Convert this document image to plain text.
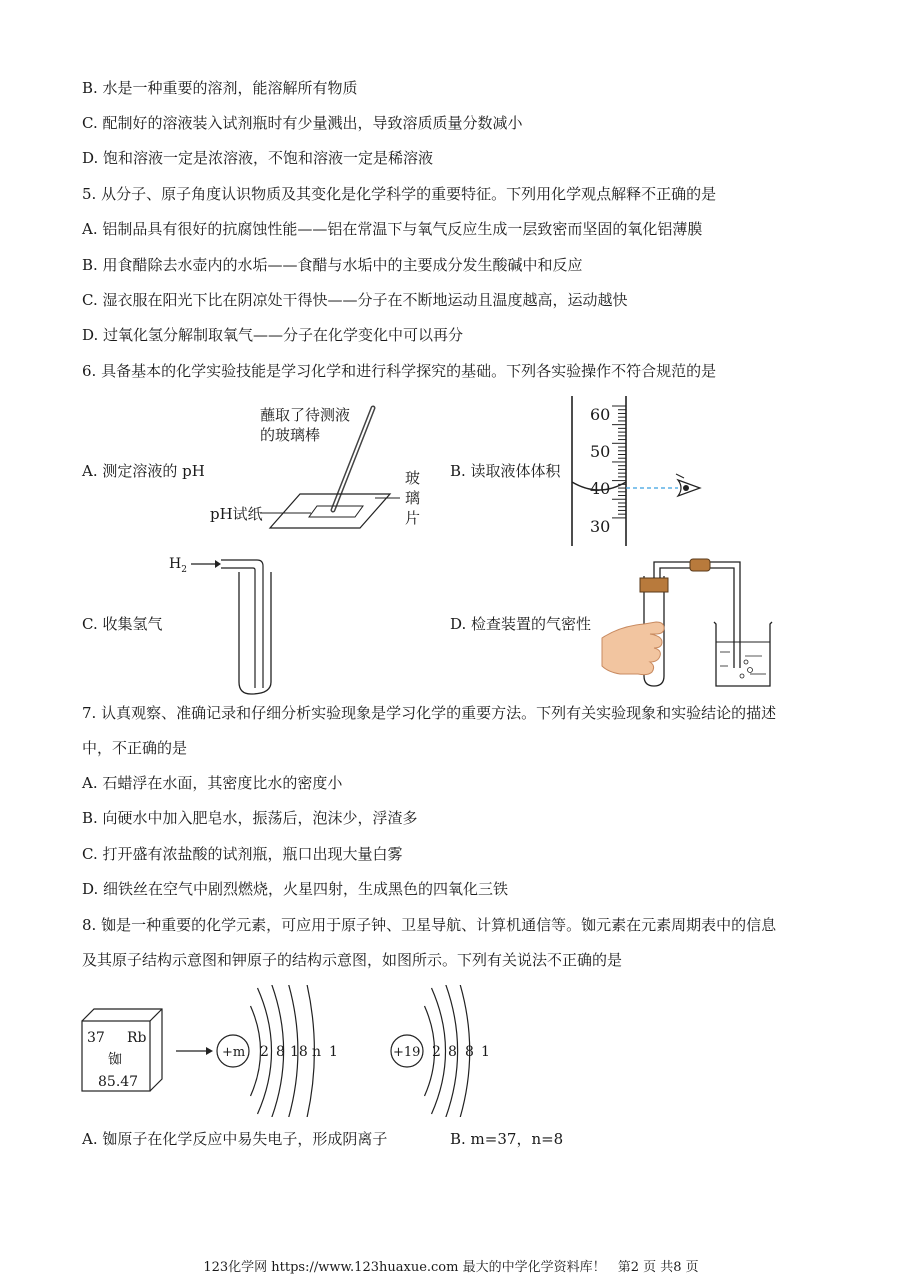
B. 水是一种重要的溶剂，能溶解所有物质
C. 配制好的溶液装入试剂瓶时有少量溅出，导致溶质质量分数减小
D. 饱和溶液一定是浓溶液，不饱和溶液一定是稀溶液
5. 从分子、原子角度认识物质及其变化是化学科学的重要特征。下列用化学观点解释不正确的是
A. 铝制品具有很好的抗腐蚀性能——铝在常温下与氧气反应生成一层致密而坚固的氧化铝薄膜
B. 用食醋除去水壶内的水垢——食醋与水垢中的主要成分发生酸碱中和反应
C. 湿衣服在阳光下比在阴凉处干得快——分子在不断地运动且温度越高，运动越快
D. 过氧化氢分解制取氧气——分子在化学变化中可以再分
6. 具备基本的化学实验技能是学习化学和进行科学探究的基础。下列各实验操作不符合规范的是
A. 测定溶液的 pH	B. 读取液体体积
C. 收集氢气	D. 检查装置的气密性
蘸取了待测液
的玻璃棒
pH试纸
玻
璃
片
60
50
40
30
$H_2$
7. 认真观察、准确记录和仔细分析实验现象是学习化学的重要方法。下列有关实验现象和实验结论的描述
中，不正确的是
A. 石蜡浮在水面，其密度比水的密度小
B. 向硬水中加入肥皂水，振荡后，泡沫少，浮渣多
C. 打开盛有浓盐酸的试剂瓶，瓶口出现大量白雾
D. 细铁丝在空气中剧烈燃烧，火星四射，生成黑色的四氧化三铁
8. 铷是一种重要的化学元素，可应用于原子钟、卫星导航、计算机通信等。铷元素在元素周期表中的信息
及其原子结构示意图和钾原子的结构示意图，如图所示。下列有关说法不正确的是
37 Rb
铷
85.47
+m 2 8 18 n 1	+19 2 8 8 1
A. 铷原子在化学反应中易失电子，形成阴离子	B. m=37，n=8
123化学网 https://www.123huaxue.com 最大的中学化学资料库！ 第2 页 共8 页
